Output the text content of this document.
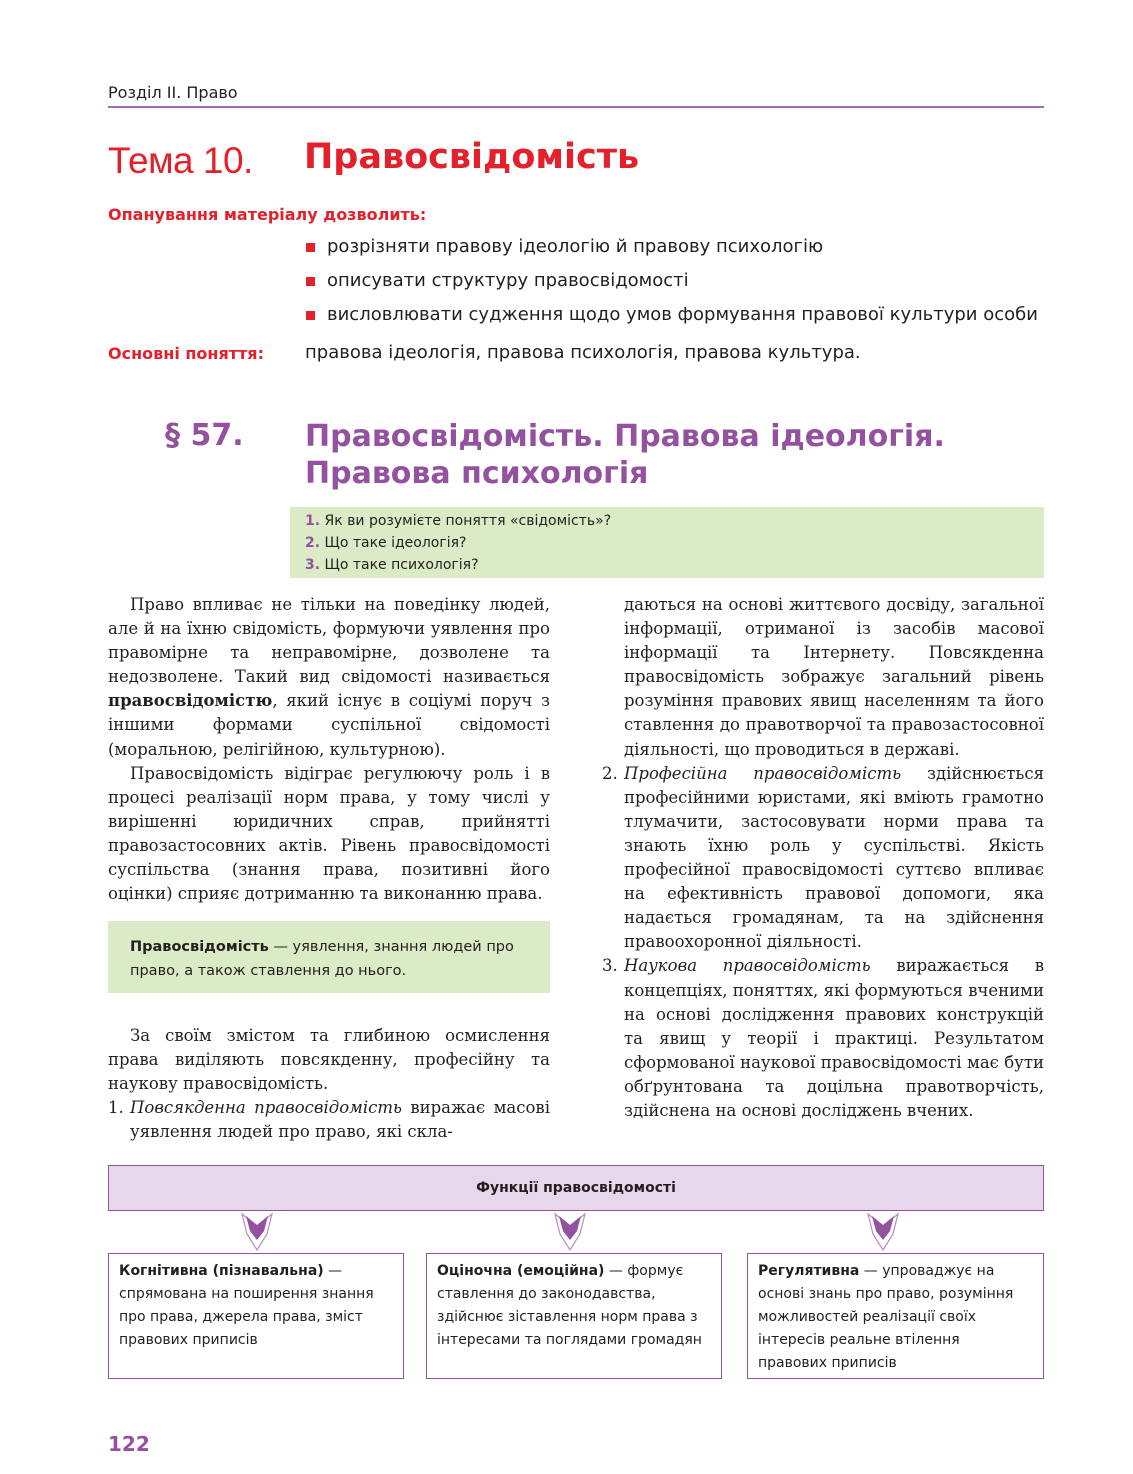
Розділ ІІ. Право
Тема 10. Правосвідомість
Опанування матеріалу дозволить:
розрізняти правову ідеологію й правову психологію
описувати структуру правосвідомості
висловлювати судження щодо умов формування правової культури особи
Основні поняття: правова ідеологія, правова психологія, правова культура.
§ 57. Правосвідомість. Правова ідеологія.
Правова психологія
1. Як ви розумієте поняття «свідомість»?
2. Що таке ідеологія?
3. Що таке психологія?

Право впливає не тільки на поведінку людей, але й на їхню свідомість, формуючи уявлення про правомірне та неправомірне, дозволене та недозволене. Такий вид свідомості називається правосвідомістю, який існує в соціумі поруч з іншими формами суспільної свідомості (моральною, релігійною, культурною).

Правосвідомість відіграє регулюючу роль і в процесі реалізації норм права, у тому числі у вирішенні юридичних справ, прийнятті правозастосовних актів. Рівень правосвідомості суспільства (знання права, позитивні його оцінки) сприяє дотриманню та виконанню права.

Правосвідомість — уявлення, знання людей про право, а також ставлення до нього.

За своїм змістом та глибиною осмислення права виділяють повсякденну, професійну та наукову правосвідомість.

1. Повсякденна правосвідомість виражає масові уявлення людей про право, які скла-

даються на основі життєвого досвіду, загальної інформації, отриманої із засобів масової інформації та Інтернету. Повсякденна правосвідомість зображує загальний рівень розуміння правових явищ населенням та його ставлення до правотворчої та правозастосовної діяльності, що проводиться в державі.

2. Професійна правосвідомість здійснюється професійними юристами, які вміють грамотно тлумачити, застосовувати норми права та знають їхню роль у суспільстві. Якість професійної правосвідомості суттєво впливає на ефективність правової допомоги, яка надається громадянам, та на здійснення правоохоронної діяльності.

3. Наукова правосвідомість виражається в концепціях, поняттях, які формуються вченими на основі дослідження правових конструкцій та явищ у теорії і практиці. Результатом сформованої наукової правосвідомості має бути обґрунтована та доцільна правотворчість, здійснена на основі досліджень вчених.

Функції правосвідомості
Когнітивна (пізнавальна) — спрямована на поширення знання про права, джерела права, зміст правових приписів
Оціночна (емоційна) — формує ставлення до законодавства, здійснює зіставлення норм права з інтересами та поглядами громадян
Регулятивна — упроваджує на основі знань про право, розуміння можливостей реалізації своїх інтересів реальне втілення правових приписів
122
